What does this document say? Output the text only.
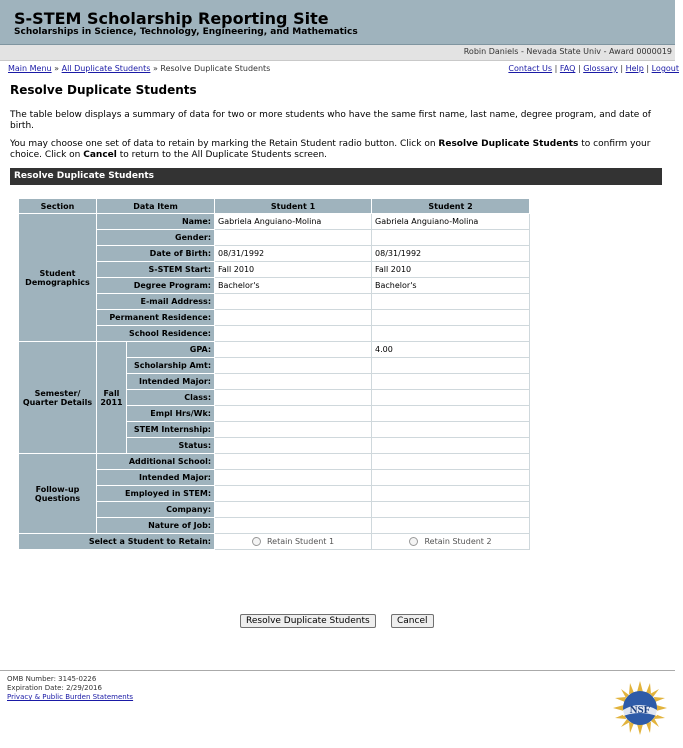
S-STEM Scholarship Reporting Site
Scholarships in Science, Technology, Engineering, and Mathematics
Robin Daniels - Nevada State Univ - Award 0000019
Main Menu » All Duplicate Students » Resolve Duplicate Students	Contact Us | FAQ | Glossary | Help | Logout
Resolve Duplicate Students
The table below displays a summary of data for two or more students who have the same first name, last name, degree program, and date of birth.
You may choose one set of data to retain by marking the Retain Student radio button. Click on Resolve Duplicate Students to confirm your choice. Click on Cancel to return to the All Duplicate Students screen.
Resolve Duplicate Students
Section	Data Item		Student 1	Student 2
Student Demographics	Name:		Gabriela Anguiano-Molina	Gabriela Anguiano-Molina
	Gender:			
	Date of Birth:		08/31/1992	08/31/1992
	S-STEM Start:		Fall 2010	Fall 2010
	Degree Program:		Bachelor's	Bachelor's
	E-mail Address:			
	Permanent Residence:			
	School Residence:			
Semester/ Quarter Details	Fall 2011	GPA:		4.00
		Scholarship Amt:		
		Intended Major:		
		Class:		
		Empl Hrs/Wk:		
		STEM Internship:		
		Status:		
Follow-up Questions	Additional School:			
	Intended Major:			
	Employed in STEM:			
	Company:			
	Nature of Job:			
Select a Student to Retain:			Retain Student 1	Retain Student 2
Resolve Duplicate Students	Cancel
OMB Number: 3145-0226
Expiration Date: 2/29/2016
Privacy & Public Burden Statements
NSF
